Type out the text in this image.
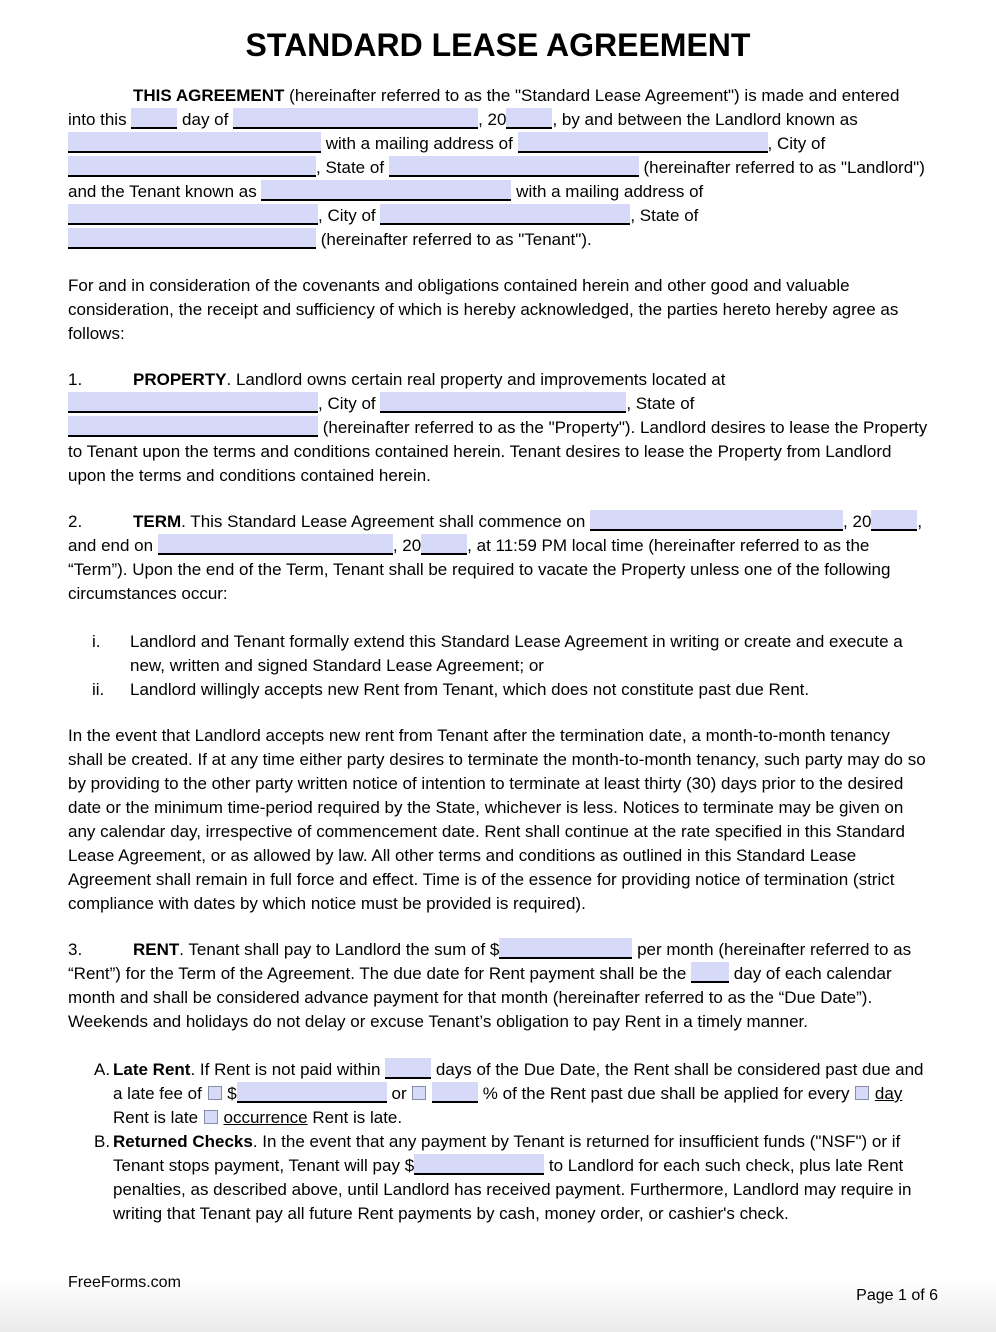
STANDARD LEASE AGREEMENT

THIS AGREEMENT (hereinafter referred to as the "Standard Lease Agreement") is made and entered into this	day of	, 20	, by and between the Landlord known as  with a mailing address of	, City of , State of	(hereinafter referred to as "Landlord") and the Tenant known as	with a mailing address of , City of	, State of  (hereinafter referred to as "Tenant").

For and in consideration of the covenants and obligations contained herein and other good and valuable consideration, the receipt and sufficiency of which is hereby acknowledged, the parties hereto hereby agree as follows:

1.	PROPERTY. Landlord owns certain real property and improvements located at , City of	, State of  (hereinafter referred to as the "Property"). Landlord desires to lease the Property to Tenant upon the terms and conditions contained herein. Tenant desires to lease the Property from Landlord upon the terms and conditions contained herein.

2.	TERM. This Standard Lease Agreement shall commence on	, 20	, and end on	, 20	, at 11:59 PM local time (hereinafter referred to as the “Term”). Upon the end of the Term, Tenant shall be required to vacate the Property unless one of the following circumstances occur:

i. Landlord and Tenant formally extend this Standard Lease Agreement in writing or create and execute a new, written and signed Standard Lease Agreement; or
ii. Landlord willingly accepts new Rent from Tenant, which does not constitute past due Rent.

In the event that Landlord accepts new rent from Tenant after the termination date, a month-to-month tenancy shall be created. If at any time either party desires to terminate the month-to-month tenancy, such party may do so by providing to the other party written notice of intention to terminate at least thirty (30) days prior to the desired date or the minimum time-period required by the State, whichever is less. Notices to terminate may be given on any calendar day, irrespective of commencement date. Rent shall continue at the rate specified in this Standard Lease Agreement, or as allowed by law. All other terms and conditions as outlined in this Standard Lease Agreement shall remain in full force and effect. Time is of the essence for providing notice of termination (strict compliance with dates by which notice must be provided is required).

3.	RENT. Tenant shall pay to Landlord the sum of $	per month (hereinafter referred to as “Rent”) for the Term of the Agreement. The due date for Rent payment shall be the  day of each calendar month and shall be considered advance payment for that month (hereinafter referred to as the “Due Date”). Weekends and holidays do not delay or excuse Tenant’s obligation to pay Rent in a timely manner.

A. Late Rent. If Rent is not paid within	days of the Due Date, the Rent shall be considered past due and a late fee of  $	or	% of the Rent past due shall be applied for every  day Rent is late  occurrence Rent is late.
B. Returned Checks. In the event that any payment by Tenant is returned for insufficient funds ("NSF") or if Tenant stops payment, Tenant will pay $	to Landlord for each such check, plus late Rent penalties, as described above, until Landlord has received payment. Furthermore, Landlord may require in writing that Tenant pay all future Rent payments by cash, money order, or cashier's check.
FreeForms.com
Page 1 of 6
